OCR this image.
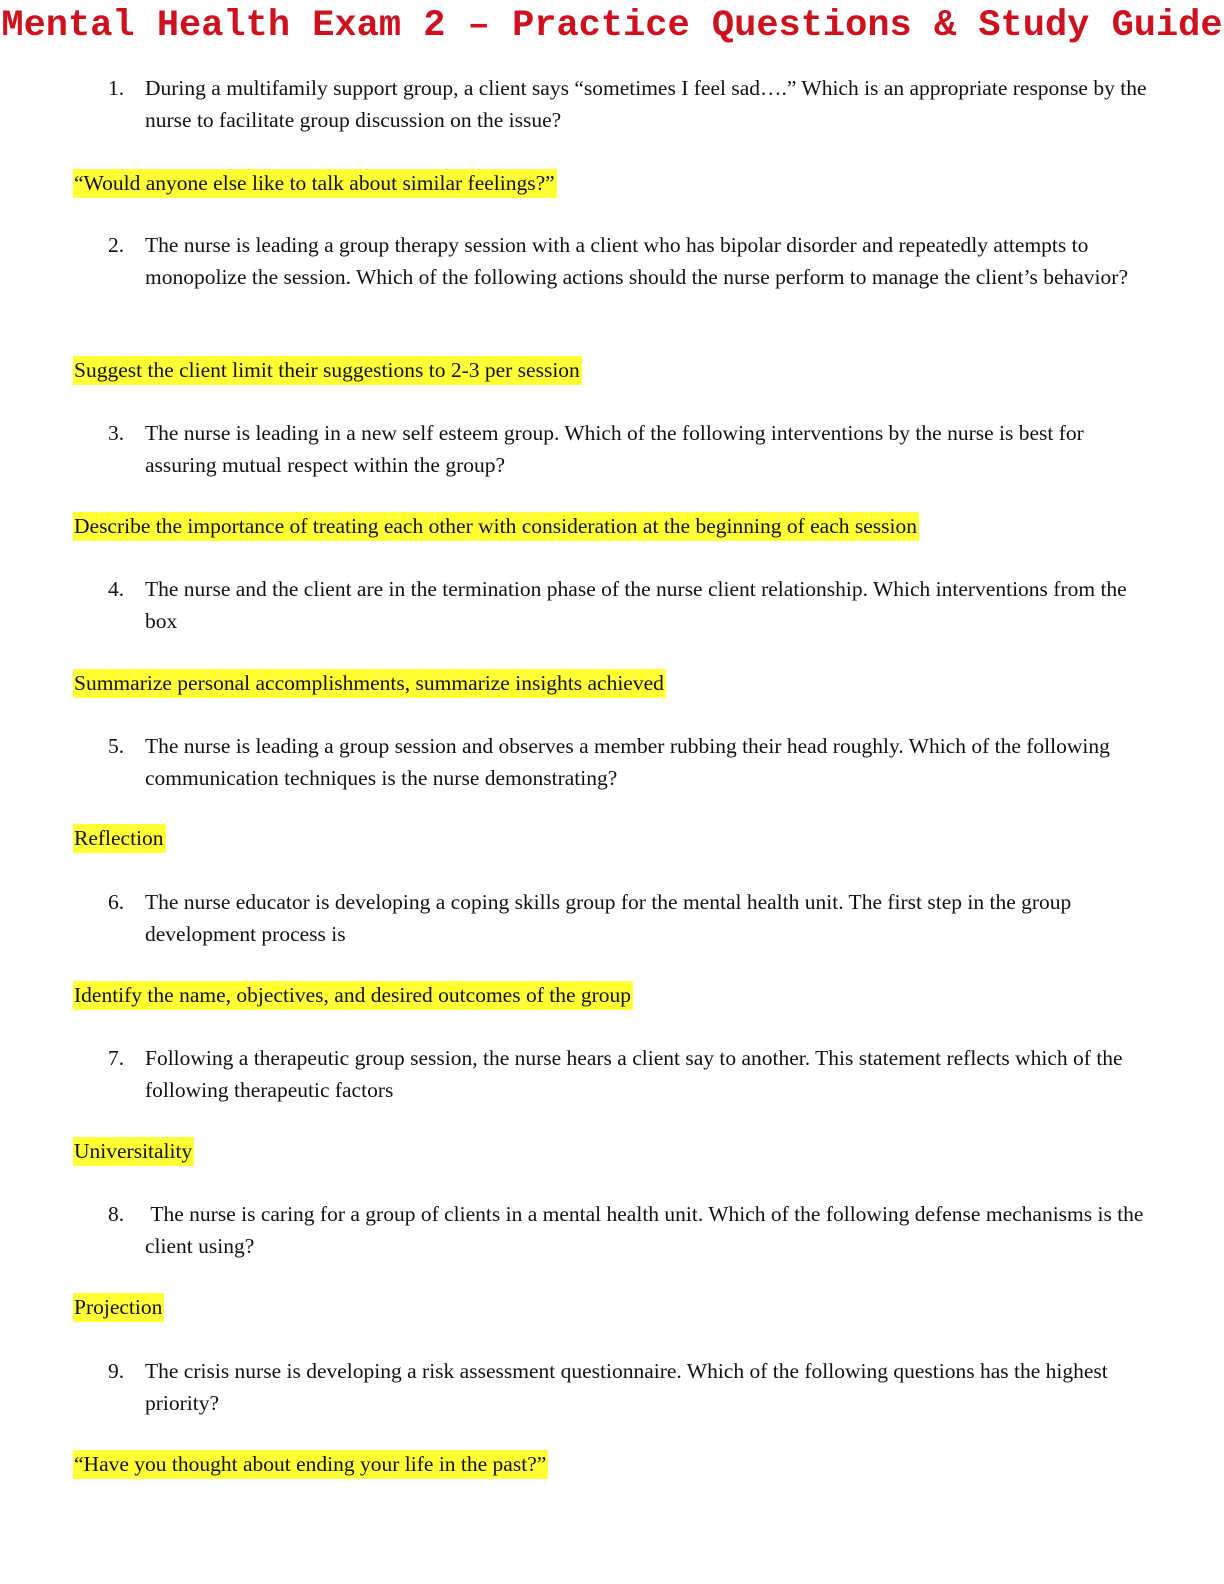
Mental Health Exam 2 – Practice Questions & Study Guide
1. During a multifamily support group, a client says “sometimes I feel sad….” Which is an appropriate response by the nurse to facilitate group discussion on the issue?
“Would anyone else like to talk about similar feelings?”
2. The nurse is leading a group therapy session with a client who has bipolar disorder and repeatedly attempts to monopolize the session. Which of the following actions should the nurse perform to manage the client’s behavior?
Suggest the client limit their suggestions to 2-3 per session
3. The nurse is leading in a new self esteem group. Which of the following interventions by the nurse is best for assuring mutual respect within the group?
Describe the importance of treating each other with consideration at the beginning of each session
4. The nurse and the client are in the termination phase of the nurse client relationship. Which interventions from the box
Summarize personal accomplishments, summarize insights achieved
5. The nurse is leading a group session and observes a member rubbing their head roughly. Which of the following communication techniques is the nurse demonstrating?
Reflection
6. The nurse educator is developing a coping skills group for the mental health unit. The first step in the group development process is
Identify the name, objectives, and desired outcomes of the group
7. Following a therapeutic group session, the nurse hears a client say to another. This statement reflects which of the following therapeutic factors
Universitality
8. The nurse is caring for a group of clients in a mental health unit. Which of the following defense mechanisms is the client using?
Projection
9. The crisis nurse is developing a risk assessment questionnaire. Which of the following questions has the highest priority?
“Have you thought about ending your life in the past?”
